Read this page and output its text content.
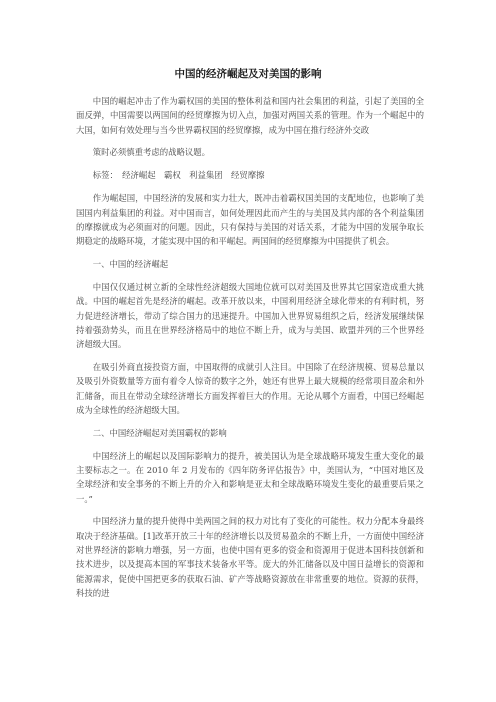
中国的经济崛起及对美国的影响

中国的崛起冲击了作为霸权国的美国的整体利益和国内社会集团的利益，引起了美国的全面反弹，中国需要以两国间的经贸摩擦为切入点，加强对两国关系的管理。作为一个崛起中的大国，如何有效处理与当今世界霸权国的经贸摩擦，成为中国在推行经济外交政

策时必须慎重考虑的战略议题。

标签：　经济崛起　霸权　利益集团　经贸摩擦

作为崛起国，中国经济的发展和实力壮大，既冲击着霸权国美国的支配地位，也影响了美国国内利益集团的利益。对中国而言，如何处理因此而产生的与美国及其内部的各个利益集团的摩擦就成为必须面对的问题。因此，只有保持与美国的对话关系，才能为中国的发展争取长期稳定的战略环境，才能实现中国的和平崛起。两国间的经贸摩擦为中国提供了机会。

一、中国的经济崛起

中国仅仅通过树立新的全球性经济超级大国地位就可以对美国及世界其它国家造成重大挑战。中国的崛起首先是经济的崛起。改革开放以来，中国利用经济全球化带来的有利时机，努力促进经济增长，带动了综合国力的迅速提升。中国加入世界贸易组织之后，经济发展继续保持着强劲势头，而且在世界经济格局中的地位不断上升，成为与美国、欧盟并列的三个世界经济超级大国。

在吸引外商直接投资方面，中国取得的成就引人注目。中国除了在经济规模、贸易总量以及吸引外资数量等方面有着令人惊奇的数字之外，她还有世界上最大规模的经常项目盈余和外汇储备，而且在带动全球经济增长方面发挥着巨大的作用。无论从哪个方面看，中国已经崛起成为全球性的经济超级大国。

二、中国经济崛起对美国霸权的影响

中国经济上的崛起以及国际影响力的提升，被美国认为是全球战略环境发生重大变化的最主要标志之一。在 2010 年 2 月发布的《四年防务评估报告》中，美国认为，“中国对地区及全球经济和安全事务的不断上升的介入和影响是亚太和全球战略环境发生变化的最重要后果之一。”

中国经济力量的提升使得中美两国之间的权力对比有了变化的可能性。权力分配本身最终取决于经济基础。[1]改革开放三十年的经济增长以及贸易盈余的不断上升，一方面使中国经济对世界经济的影响力增强，另一方面，也使中国有更多的资金和资源用于促进本国科技创新和技术进步，以及提高本国的军事技术装备水平等。庞大的外汇储备以及中国日益增长的资源和能源需求，促使中国把更多的获取石油、矿产等战略资源放在非常重要的地位。资源的获得，科技的进
